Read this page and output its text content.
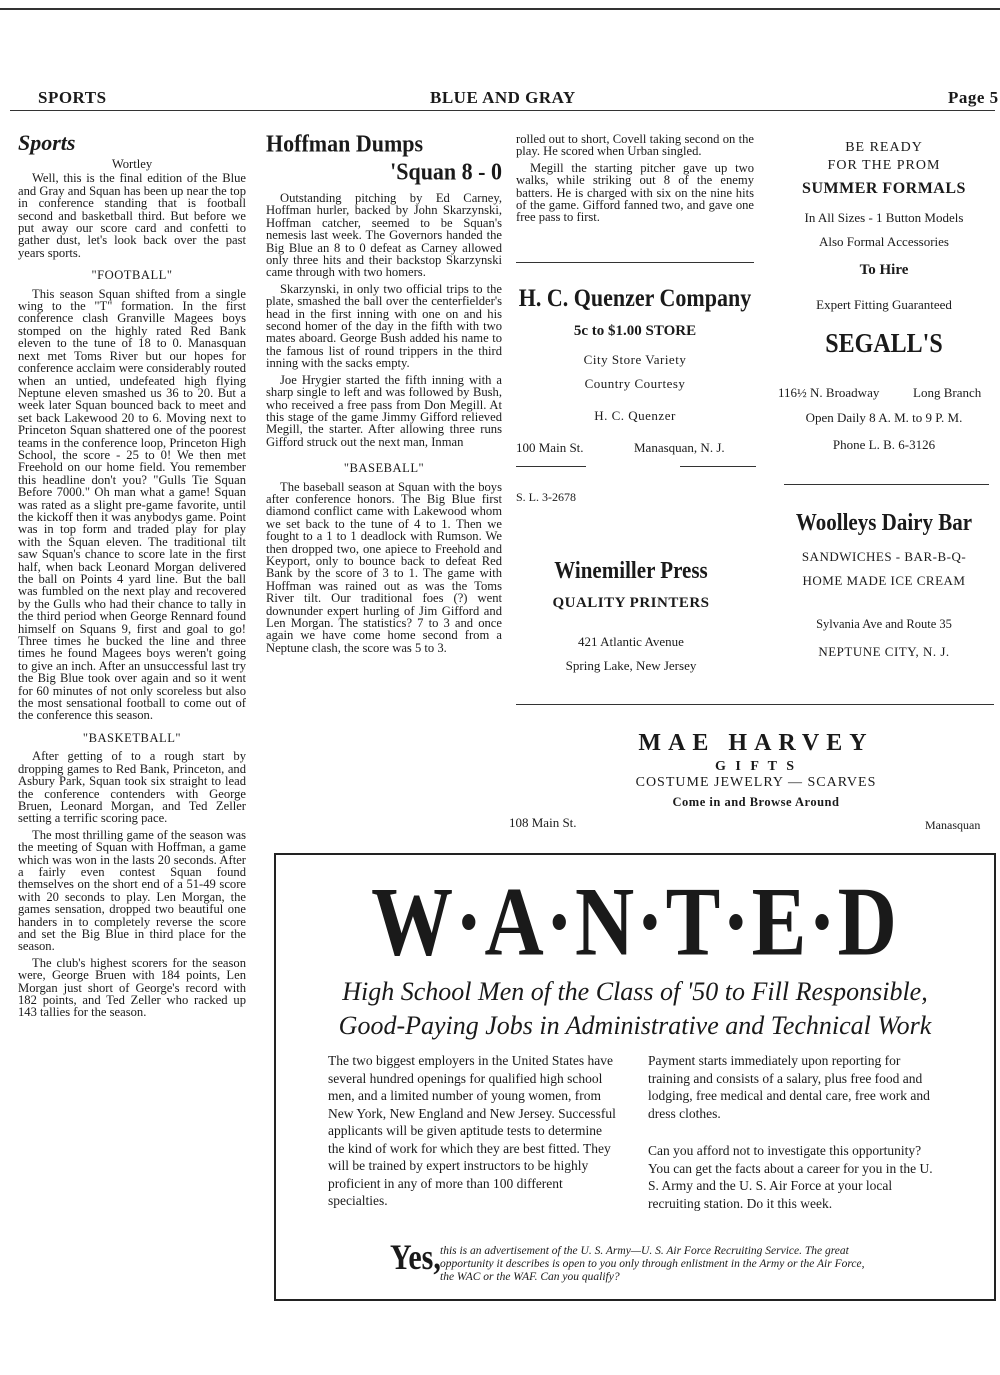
SPORTS	BLUE AND GRAY	Page 5
Sports
Wortley

Well, this is the final edition of the Blue and Gray and Squan has been up near the top in conference standing that is football second and basketball third. But before we put away our score card and confetti to gather dust, let's look back over the past years sports.

"FOOTBALL"

This season Squan shifted from a single wing to the "T" formation. In the first conference clash Granville Magees boys stomped on the highly rated Red Bank eleven to the tune of 18 to 0. Manasquan next met Toms River but our hopes for conference acclaim were considerably routed when an untied, undefeated high flying Neptune eleven smashed us 36 to 20. But a week later Squan bounced back to meet and set back Lakewood 20 to 6. Moving next to Princeton Squan shattered one of the poorest teams in the conference loop, Princeton High School, the score - 25 to 0! We then met Freehold on our home field. You remember this headline don't you? "Gulls Tie Squan Before 7000." Oh man what a game! Squan was rated as a slight pre-game favorite, until the kickoff then it was anybodys game. Point was in top form and traded play for play with the Squan eleven. The traditional tilt saw Squan's chance to score late in the first half, when back Leonard Morgan delivered the ball on Points 4 yard line. But the ball was fumbled on the next play and recovered by the Gulls who had their chance to tally in the third period when George Rennard found himself on Squans 9, first and goal to go! Three times he bucked the line and three times he found Magees boys weren't going to give an inch. After an unsuccessful last try the Big Blue took over again and so it went for 60 minutes of not only scoreless but also the most sensational football to come out of the conference this season.

"BASKETBALL"

After getting of to a rough start by dropping games to Red Bank, Princeton, and Asbury Park, Squan took six straight to lead the conference contenders with George Bruen, Leonard Morgan, and Ted Zeller setting a terrific scoring pace.

The most thrilling game of the season was the meeting of Squan with Hoffman, a game which was won in the lasts 20 seconds. After a fairly even contest Squan found themselves on the short end of a 51-49 score with 20 seconds to play. Len Morgan, the games sensation, dropped two beautiful one handers in to completely reverse the score and set the Big Blue in third place for the season.

The club's highest scorers for the season were, George Bruen with 184 points, Len Morgan just short of George's record with 182 points, and Ted Zeller who racked up 143 tallies for the season.

Hoffman Dumps
'Squan 8 - 0

Outstanding pitching by Ed Carney, Hoffman hurler, backed by John Skarzynski, Hoffman catcher, seemed to be Squan's nemesis last week. The Governors handed the Big Blue an 8 to 0 defeat as Carney allowed only three hits and their backstop Skarzynski came through with two homers.

Skarzynski, in only two official trips to the plate, smashed the ball over the centerfielder's head in the first inning with one on and his second homer of the day in the fifth with two mates aboard. George Bush added his name to the famous list of round trippers in the third inning with the sacks empty.

Joe Hrygier started the fifth inning with a sharp single to left and was followed by Bush, who received a free pass from Don Megill. At this stage of the game Jimmy Gifford relieved Megill, the starter. After allowing three runs Gifford struck out the next man, Inman

"BASEBALL"

The baseball season at Squan with the boys after conference honors. The Big Blue first diamond conflict came with Lakewood whom we set back to the tune of 4 to 1. Then we fought to a 1 to 1 deadlock with Rumson. We then dropped two, one apiece to Freehold and Keyport, only to bounce back to defeat Red Bank by the score of 3 to 1. The game with Hoffman was rained out as was the Toms River tilt. Our traditional foes (?) went downunder expert hurling of Jim Gifford and Len Morgan. The statistics? 7 to 3 and once again we have come home second from a Neptune clash, the score was 5 to 3.

rolled out to short, Covell taking second on the play. He scored when Urban singled.

Megill the starting pitcher gave up two walks, while striking out 8 of the enemy batters. He is charged with six on the nine hits of the game. Gifford fanned two, and gave one free pass to first.

H. C. Quenzer Company
5c to $1.00 STORE
City Store Variety
Country Courtesy
H. C. Quenzer
100 Main St.	Manasquan, N. J.
S. L. 3-2678
Winemiller Press
QUALITY PRINTERS
421 Atlantic Avenue
Spring Lake, New Jersey
BE READY
FOR THE PROM
SUMMER FORMALS
In All Sizes - 1 Button Models
Also Formal Accessories
To Hire
Expert Fitting Guaranteed
SEGALL'S
116½ N. Broadway	Long Branch
Open Daily 8 A. M. to 9 P. M.
Phone L. B. 6-3126
Woolleys Dairy Bar
SANDWICHES - BAR-B-Q-
HOME MADE ICE CREAM
Sylvania Ave and Route 35
NEPTUNE CITY, N. J.
MAE HARVEY
G I F T S
COSTUME JEWELRY — SCARVES
Come in and Browse Around
108 Main St.	Manasquan
W·A·N·T·E·D
High School Men of the Class of '50 to Fill Responsible,
Good-Paying Jobs in Administrative and Technical Work

The two biggest employers in the United States have several hundred openings for qualified high school men, and a limited number of young women, from New York, New England and New Jersey. Successful applicants will be given aptitude tests to determine the kind of work for which they are best fitted. They will be trained by expert instructors to be highly proficient in any of more than 100 different specialties.

Payment starts immediately upon reporting for training and consists of a salary, plus free food and lodging, free medical and dental care, free work and dress clothes.

Can you afford not to investigate this opportunity? You can get the facts about a career for you in the U. S. Army and the U. S. Air Force at your local recruiting station. Do it this week.

Yes, this is an advertisement of the U. S. Army—U. S. Air Force Recruiting Service. The great opportunity it describes is open to you only through enlistment in the Army or the Air Force, the WAC or the WAF. Can you qualify?
